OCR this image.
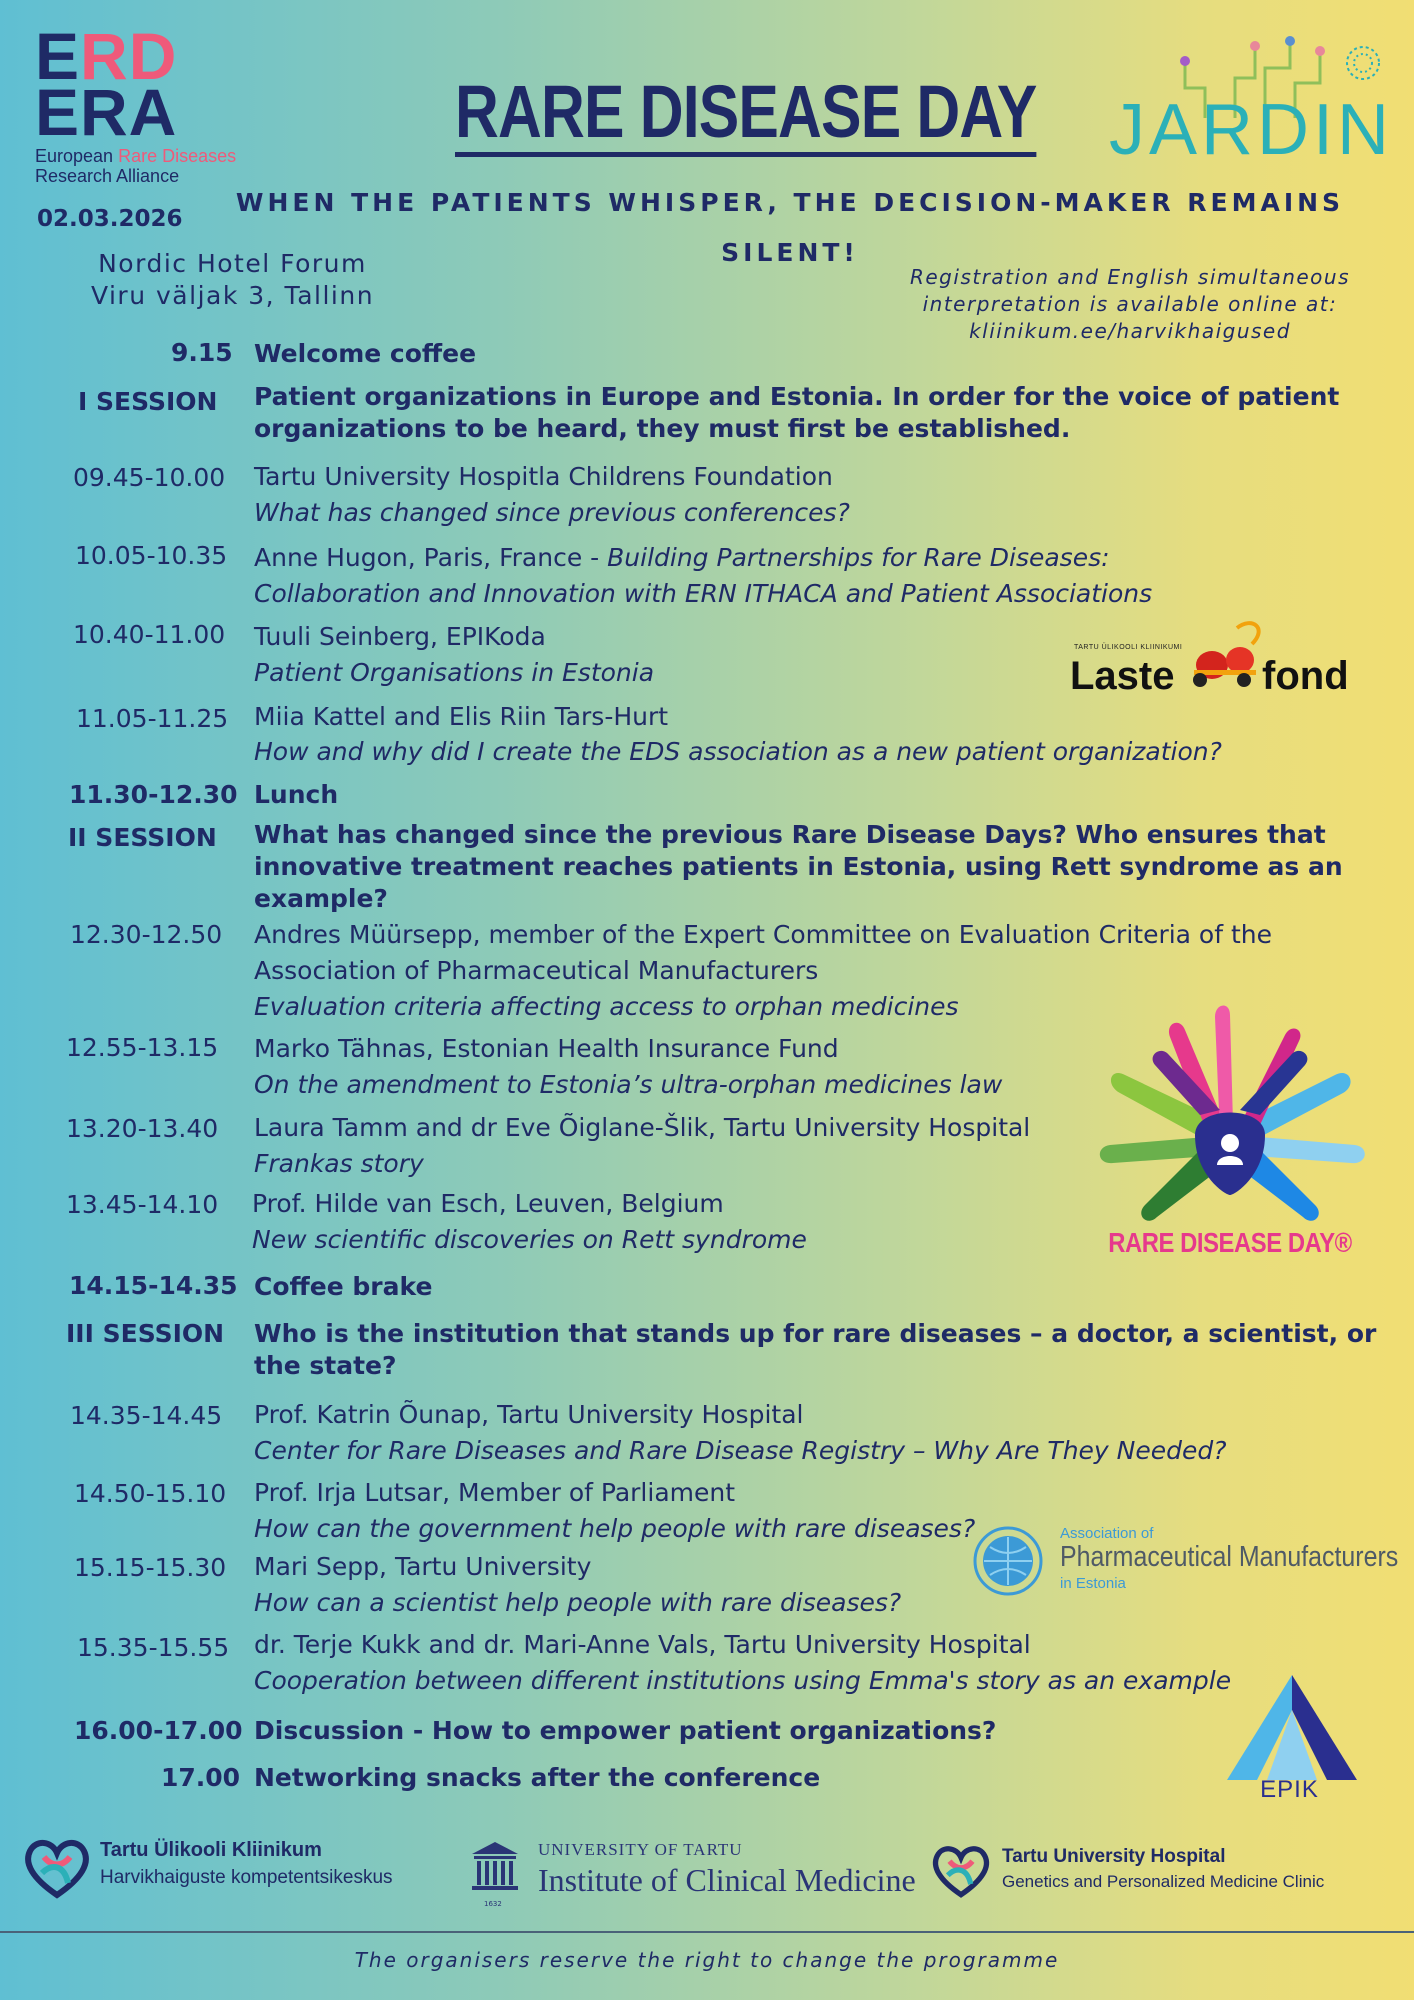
ERD
ERA
European Rare Diseases
Research Alliance
RARE DISEASE DAY JARDIN
WHEN THE PATIENTS WHISPER, THE DECISION-MAKER REMAINS
SILENT!
02.03.2026
Nordic Hotel Forum
Viru väljak 3, Tallinn
Registration and English simultaneous
interpretation is available online at:
kliinikum.ee/harvikhaigused
9.15 Welcome coffee
I SESSION Patient organizations in Europe and Estonia. In order for the voice of patient organizations to be heard, they must first be established.
09.45-10.00 Tartu University Hospitla Childrens Foundation
What has changed since previous conferences?
10.05-10.35 Anne Hugon, Paris, France - Building Partnerships for Rare Diseases:
Collaboration and Innovation with ERN ITHACA and Patient Associations
10.40-11.00 Tuuli Seinberg, EPIKoda
Patient Organisations in Estonia
11.05-11.25 Miia Kattel and Elis Riin Tars-Hurt
How and why did I create the EDS association as a new patient organization?
11.30-12.30 Lunch
II SESSION What has changed since the previous Rare Disease Days? Who ensures that innovative treatment reaches patients in Estonia, using Rett syndrome as an example?
12.30-12.50 Andres Müürsepp, member of the Expert Committee on Evaluation Criteria of the
Association of Pharmaceutical Manufacturers
Evaluation criteria affecting access to orphan medicines
12.55-13.15 Marko Tähnas, Estonian Health Insurance Fund
On the amendment to Estonia’s ultra-orphan medicines law
13.20-13.40 Laura Tamm and dr Eve Õiglane-Šlik, Tartu University Hospital
Frankas story
13.45-14.10 Prof. Hilde van Esch, Leuven, Belgium
New scientific discoveries on Rett syndrome
14.15-14.35 Coffee brake
III SESSION Who is the institution that stands up for rare diseases – a doctor, a scientist, or the state?
14.35-14.45 Prof. Katrin Õunap, Tartu University Hospital
Center for Rare Diseases and Rare Disease Registry – Why Are They Needed?
14.50-15.10 Prof. Irja Lutsar, Member of Parliament
How can the government help people with rare diseases?
15.15-15.30 Mari Sepp, Tartu University
How can a scientist help people with rare diseases?
15.35-15.55 dr. Terje Kukk and dr. Mari-Anne Vals, Tartu University Hospital
Cooperation between different institutions using Emma's story as an example
16.00-17.00 Discussion - How to empower patient organizations?
17.00 Networking snacks after the conference
TARTU ÜLIKOOLI KLIINIKUMI
Laste fond
RARE DISEASE DAY®
Association of
Pharmaceutical Manufacturers
in Estonia
EPIK
Tartu Ülikooli Kliinikum
Harvikhaiguste kompetentsikeskus
1632
UNIVERSITY OF TARTU
Institute of Clinical Medicine
Tartu University Hospital
Genetics and Personalized Medicine Clinic
The organisers reserve the right to change the programme
